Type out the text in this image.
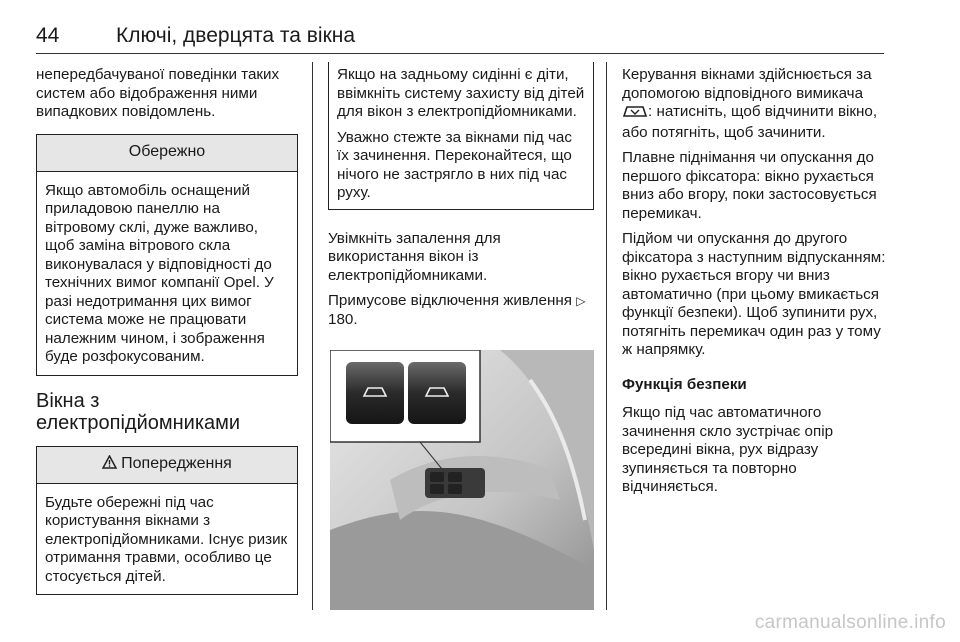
44	Ключі, дверцята та вікна

непередбачуваної поведінки таких систем або відображення ними випадкових повідомлень.

Обережно
Якщо автомобіль оснащений приладовою панеллю на вітровому склі, дуже важливо, щоб заміна вітрового скла виконувалася у відповідності до технічних вимог компанії Opel. У разі недотримання цих вимог система може не працювати належним чином, і зображення буде розфокусованим.
Вікна з
електропідйомниками
Попередження
Будьте обережні під час користування вікнами з електропідйомниками. Існує ризик отримання травми, особливо це стосується дітей.

Якщо на задньому сидінні є діти, ввімкніть систему захисту від дітей для вікон з електропідйомниками.

Уважно стежте за вікнами під час їх зачинення. Переконайтеся, що нічого не застрягло в них під час руху.

Увімкніть запалення для використання вікон із електропідйомниками.

Примусове відключення живлення ▷ 180.

Керування вікнами здійснюється за допомогою відповідного вимикача : натисніть, щоб відчинити вікно, або потягніть, щоб зачинити.

Плавне піднімання чи опускання до першого фіксатора: вікно рухається вниз або вгору, поки застосовується перемикач.

Підйом чи опускання до другого фіксатора з наступним відпусканням: вікно рухається вгору чи вниз автоматично (при цьому вмикається функції безпеки). Щоб зупинити рух, потягніть перемикач один раз у тому ж напрямку.

Функція безпеки

Якщо під час автоматичного зачинення скло зустрічає опір всередині вікна, рух відразу зупиняється та повторно відчиняється.

carmanualsonline.info
